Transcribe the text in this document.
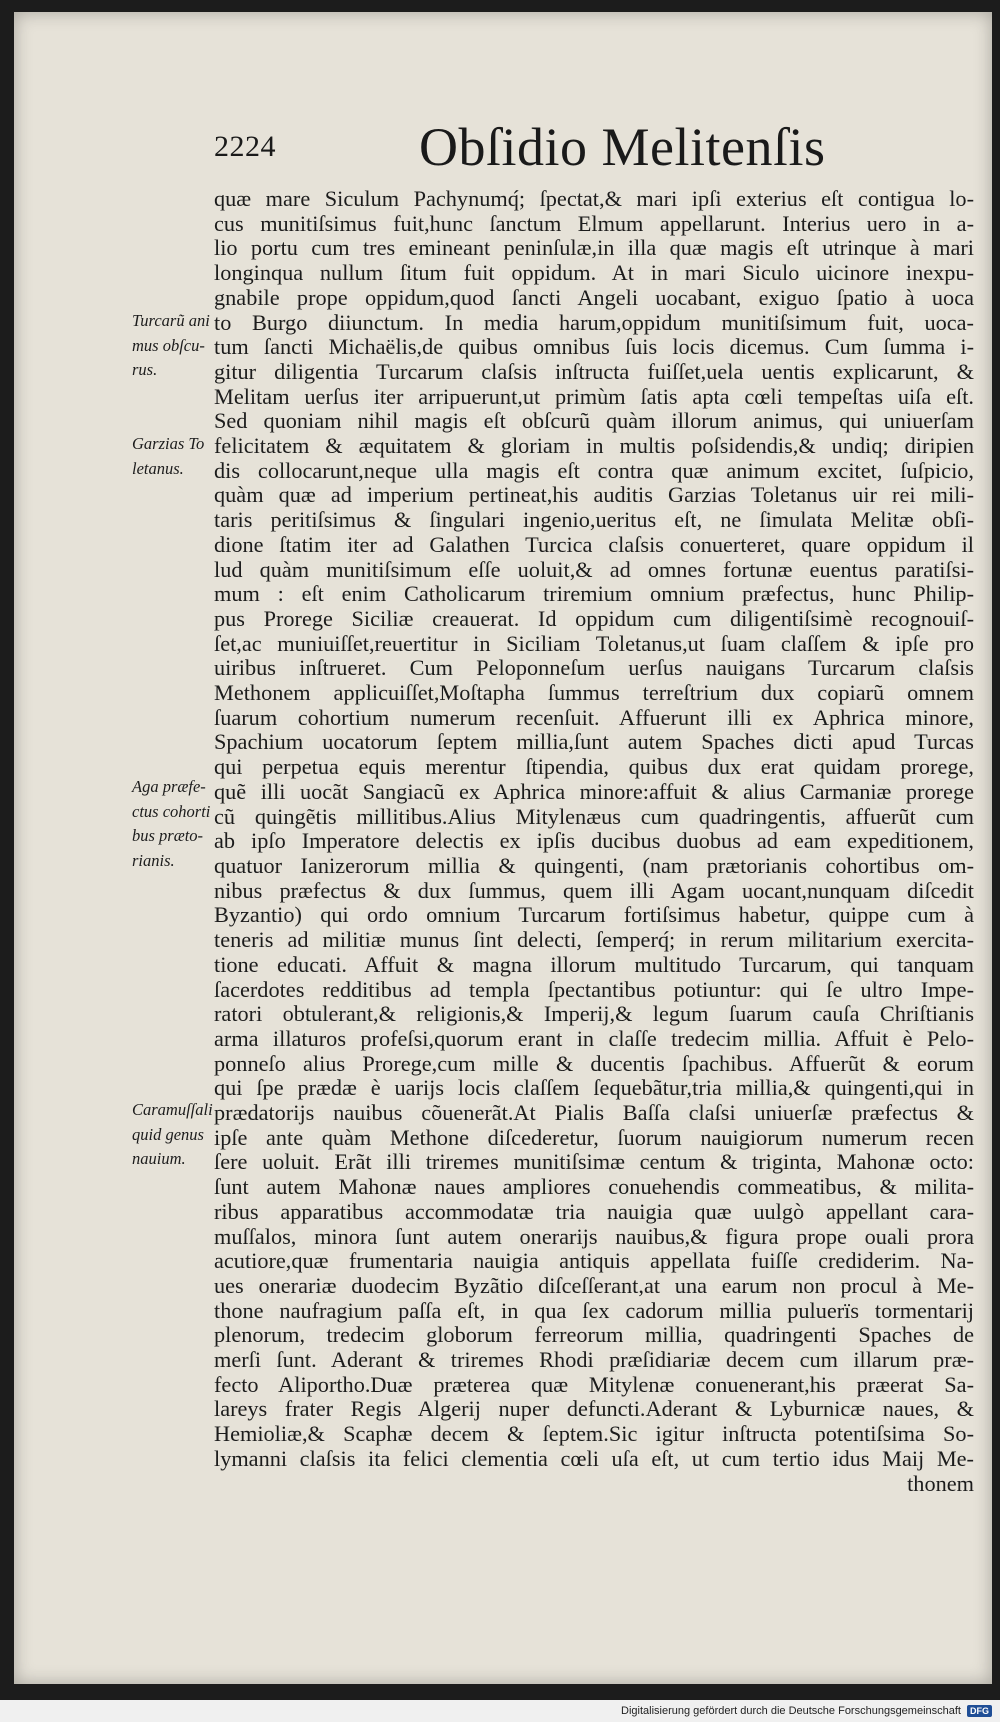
2224	Obſidio Melitenſis
Turcarũ ani
mus obſcu-
rus.
Garzias To
letanus.
Aga præfe-
ctus cohorti
bus præto-
rianis.
Caramuſſali
quid genus
nauium.
quæ mare Siculum Pachynumq́; ſpectat,& mari ipſi exterius eſt contigua lo-
cus munitiſsimus fuit,hunc ſanctum Elmum appellarunt. Interius uero in a-
lio portu cum tres emineant peninſulæ,in illa quæ magis eſt utrinque à mari
longinqua nullum ſitum fuit oppidum. At in mari Siculo uicinore inexpu-
gnabile prope oppidum,quod ſancti Angeli uocabant, exiguo ſpatio à uoca
to Burgo diiunctum. In media harum,oppidum munitiſsimum fuit, uoca-
tum ſancti Michaëlis,de quibus omnibus ſuis locis dicemus. Cum ſumma i-
gitur diligentia Turcarum claſsis inſtructa fuiſſet,uela uentis explicarunt, &
Melitam uerſus iter arripuerunt,ut primùm ſatis apta cœli tempeſtas uiſa eſt.
Sed quoniam nihil magis eſt obſcurũ quàm illorum animus, qui uniuerſam
felicitatem & æquitatem & gloriam in multis poſsidendis,& undiq; diripien
dis collocarunt,neque ulla magis eſt contra quæ animum excitet, ſuſpicio,
quàm quæ ad imperium pertineat,his auditis Garzias Toletanus uir rei mili-
taris peritiſsimus & ſingulari ingenio,ueritus eſt, ne ſimulata Melitæ obſi-
dione ſtatim iter ad Galathen Turcica claſsis conuerteret, quare oppidum il
lud quàm munitiſsimum eſſe uoluit,& ad omnes fortunæ euentus paratiſsi-
mum : eſt enim Catholicarum triremium omnium præfectus, hunc Philip-
pus Prorege Siciliæ creauerat. Id oppidum cum diligentiſsimè recognouiſ-
ſet,ac muniuiſſet,reuertitur in Siciliam Toletanus,ut ſuam claſſem & ipſe pro
uiribus inſtrueret. Cum Peloponneſum uerſus nauigans Turcarum claſsis
Methonem applicuiſſet,Moſtapha ſummus terreſtrium dux copiarũ omnem
ſuarum cohortium numerum recenſuit. Affuerunt illi ex Aphrica minore,
Spachium uocatorum ſeptem millia,ſunt autem Spaches dicti apud Turcas
qui perpetua equis merentur ſtipendia, quibus dux erat quidam prorege,
quẽ illi uocãt Sangiacũ ex Aphrica minore:affuit & alius Carmaniæ prorege
cũ quingẽtis millitibus.Alius Mitylenæus cum quadringentis, affuerũt cum
ab ipſo Imperatore delectis ex ipſis ducibus duobus ad eam expeditionem,
quatuor Ianizerorum millia & quingenti, (nam prætorianis cohortibus om-
nibus præfectus & dux ſummus, quem illi Agam uocant,nunquam diſcedit
Byzantio) qui ordo omnium Turcarum fortiſsimus habetur, quippe cum à
teneris ad militiæ munus ſint delecti, ſemperq́; in rerum militarium exercita-
tione educati. Affuit & magna illorum multitudo Turcarum, qui tanquam
ſacerdotes redditibus ad templa ſpectantibus potiuntur: qui ſe ultro Impe-
ratori obtulerant,& religionis,& Imperij,& legum ſuarum cauſa Chriſtianis
arma illaturos profeſsi,quorum erant in claſſe tredecim millia. Affuit è Pelo-
ponneſo alius Prorege,cum mille & ducentis ſpachibus. Affuerũt & eorum
qui ſpe prædæ è uarijs locis claſſem ſequebãtur,tria millia,& quingenti,qui in
prædatorijs nauibus cõuenerãt.At Pialis Baſſa claſsi uniuerſæ præfectus &
ipſe ante quàm Methone diſcederetur, ſuorum nauigiorum numerum recen
ſere uoluit. Erãt illi triremes munitiſsimæ centum & triginta, Mahonæ octo:
ſunt autem Mahonæ naues ampliores conuehendis commeatibus, & milita-
ribus apparatibus accommodatæ tria nauigia quæ uulgò appellant cara-
muſſalos, minora ſunt autem onerarijs nauibus,& figura prope ouali prora
acutiore,quæ frumentaria nauigia antiquis appellata fuiſſe crediderim. Na-
ues onerariæ duodecim Byzãtio diſceſſerant,at una earum non procul à Me-
thone naufragium paſſa eſt, in qua ſex cadorum millia puluerïs tormentarij
plenorum, tredecim globorum ferreorum millia, quadringenti Spaches de
merſi ſunt. Aderant & triremes Rhodi præſidiariæ decem cum illarum præ-
fecto Aliportho.Duæ præterea quæ Mitylenæ conuenerant,his præerat Sa-
lareys frater Regis Algerij nuper defuncti.Aderant & Lyburnicæ naues, &
Hemioliæ,& Scaphæ decem & ſeptem.Sic igitur inſtructa potentiſsima So-
lymanni claſsis ita felici clementia cœli uſa eſt, ut cum tertio idus Maij Me-
thonem
Digitalisierung gefördert durch die Deutsche Forschungsgemeinschaft	DFG
